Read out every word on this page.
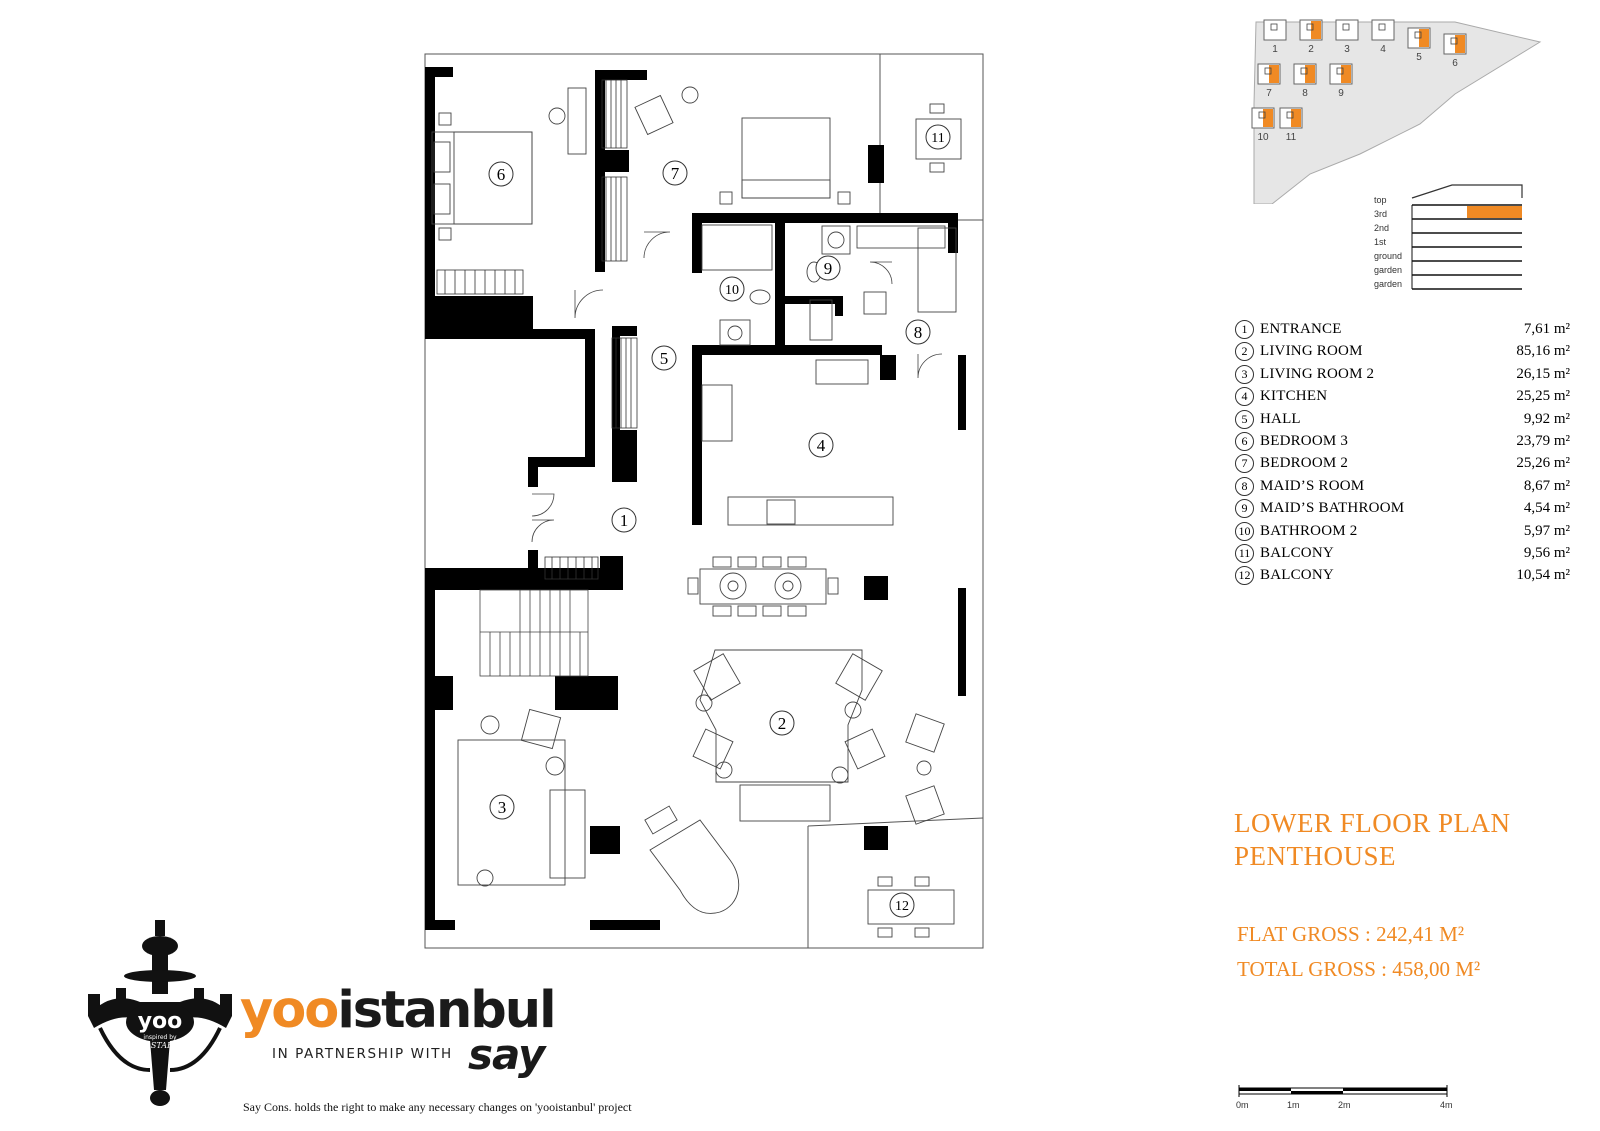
1
2
3
4
5
6	7
8
9
10
11
12
1	2	3	4
5
6
7	8	9
10 11
top
3rd
2nd
1st
ground
garden
garden
1 ENTRANCE	7,61 m²
2 LIVING ROOM	85,16 m²
3 LIVING ROOM 2	26,15 m²
4 KITCHEN	25,25 m²
5 HALL	9,92 m²
6 BEDROOM 3	23,79 m²
7 BEDROOM 2	25,26 m²
8 MAID’S ROOM	8,67 m²
9 MAID’S BATHROOM	4,54 m²
10 BATHROOM 2	5,97 m²
11 BALCONY	9,56 m²
12 BALCONY	10,54 m²
LOWER FLOOR PLAN
PENTHOUSE
FLAT GROSS : 242,41 M²
TOTAL GROSS : 458,00 M²
yoo
inspired by
STARCK
yooistanbul
IN PARTNERSHIP WITH say
Say Cons. holds the right to make any necessary changes on 'yooistanbul' project	0m	1m	2m	4m
